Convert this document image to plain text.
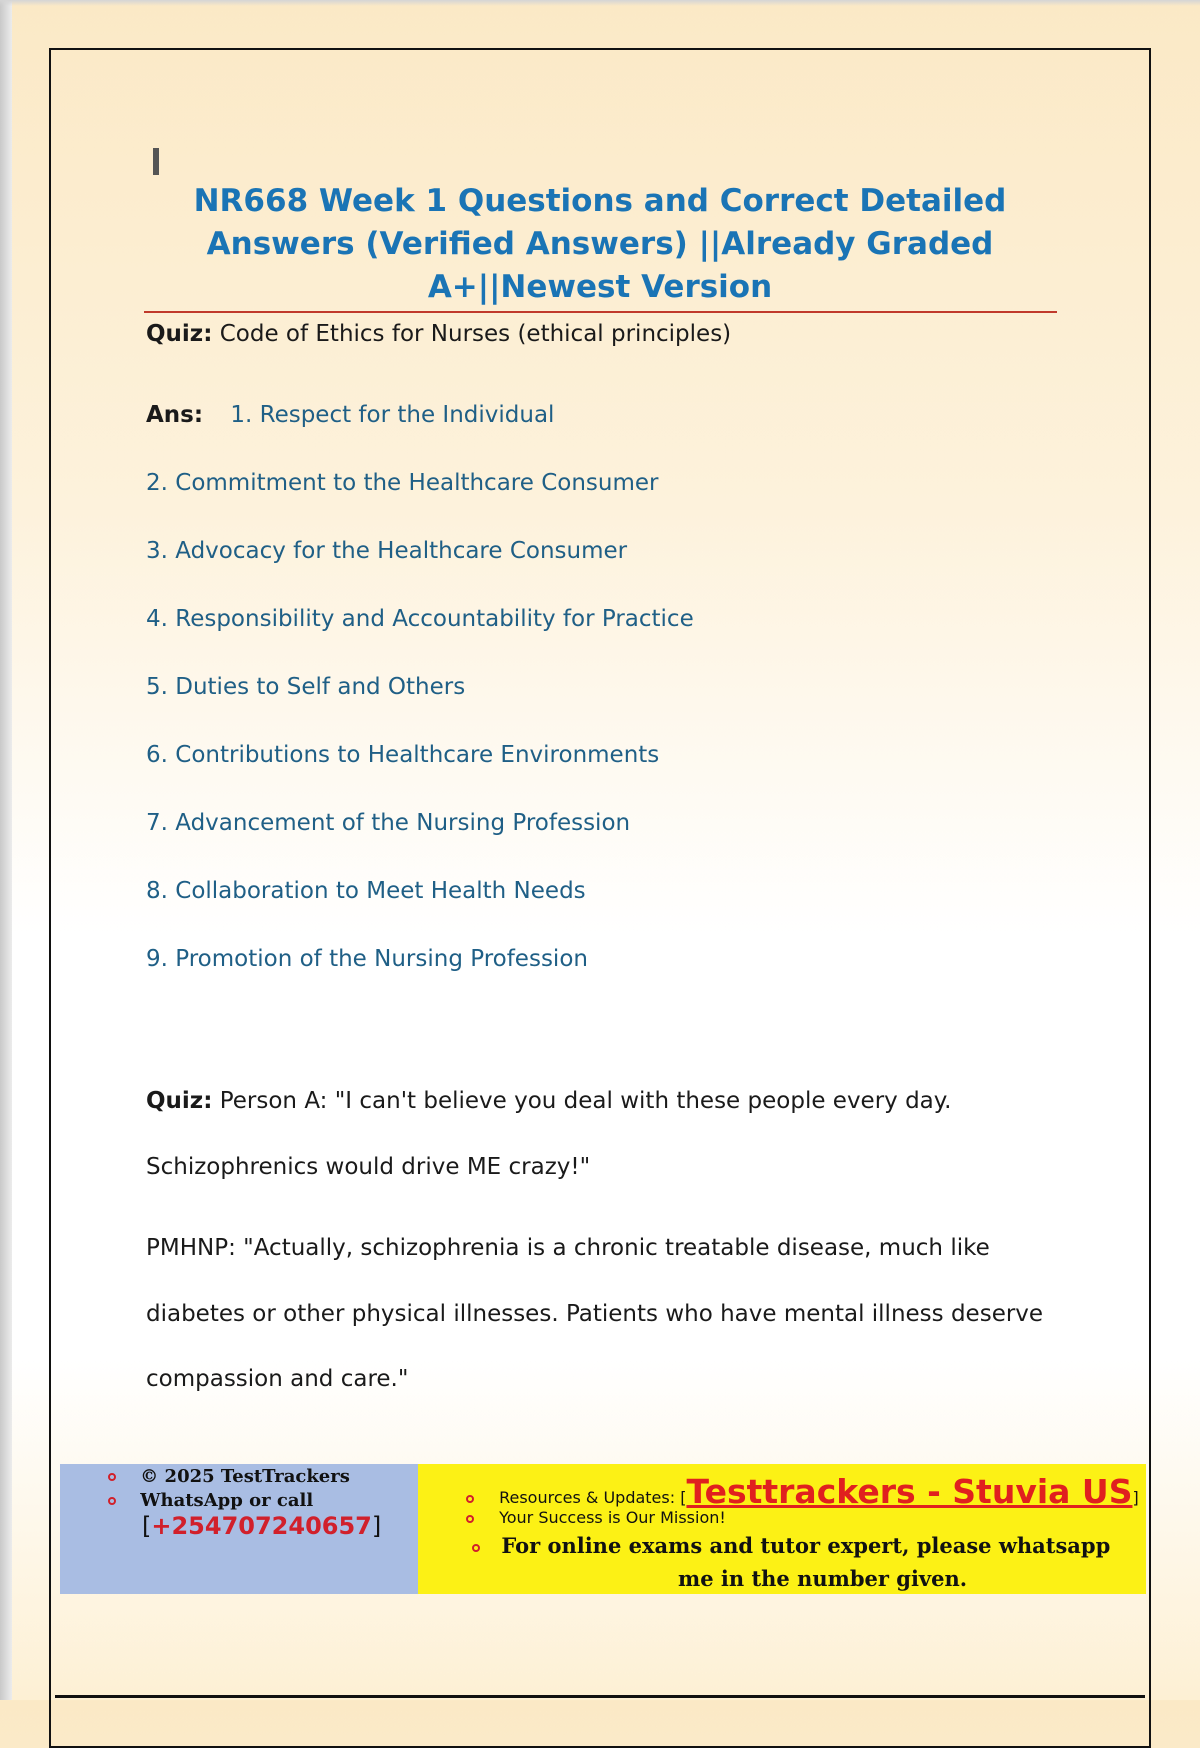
NR668 Week 1 Questions and Correct Detailed
Answers (Verified Answers) ||Already Graded
A+||Newest Version
Quiz: Code of Ethics for Nurses (ethical principles)
Ans: 1. Respect for the Individual
2. Commitment to the Healthcare Consumer
3. Advocacy for the Healthcare Consumer
4. Responsibility and Accountability for Practice
5. Duties to Self and Others
6. Contributions to Healthcare Environments
7. Advancement of the Nursing Profession
8. Collaboration to Meet Health Needs
9. Promotion of the Nursing Profession
Quiz: Person A: "I can't believe you deal with these people every day.
Schizophrenics would drive ME crazy!"
PMHNP: "Actually, schizophrenia is a chronic treatable disease, much like
diabetes or other physical illnesses. Patients who have mental illness deserve
compassion and care."
© 2025 TestTrackers
WhatsApp or call
[+254707240657]
Resources & Updates: [Testtrackers - Stuvia US]
Your Success is Our Mission!
For online exams and tutor expert, please whatsapp
me in the number given.
